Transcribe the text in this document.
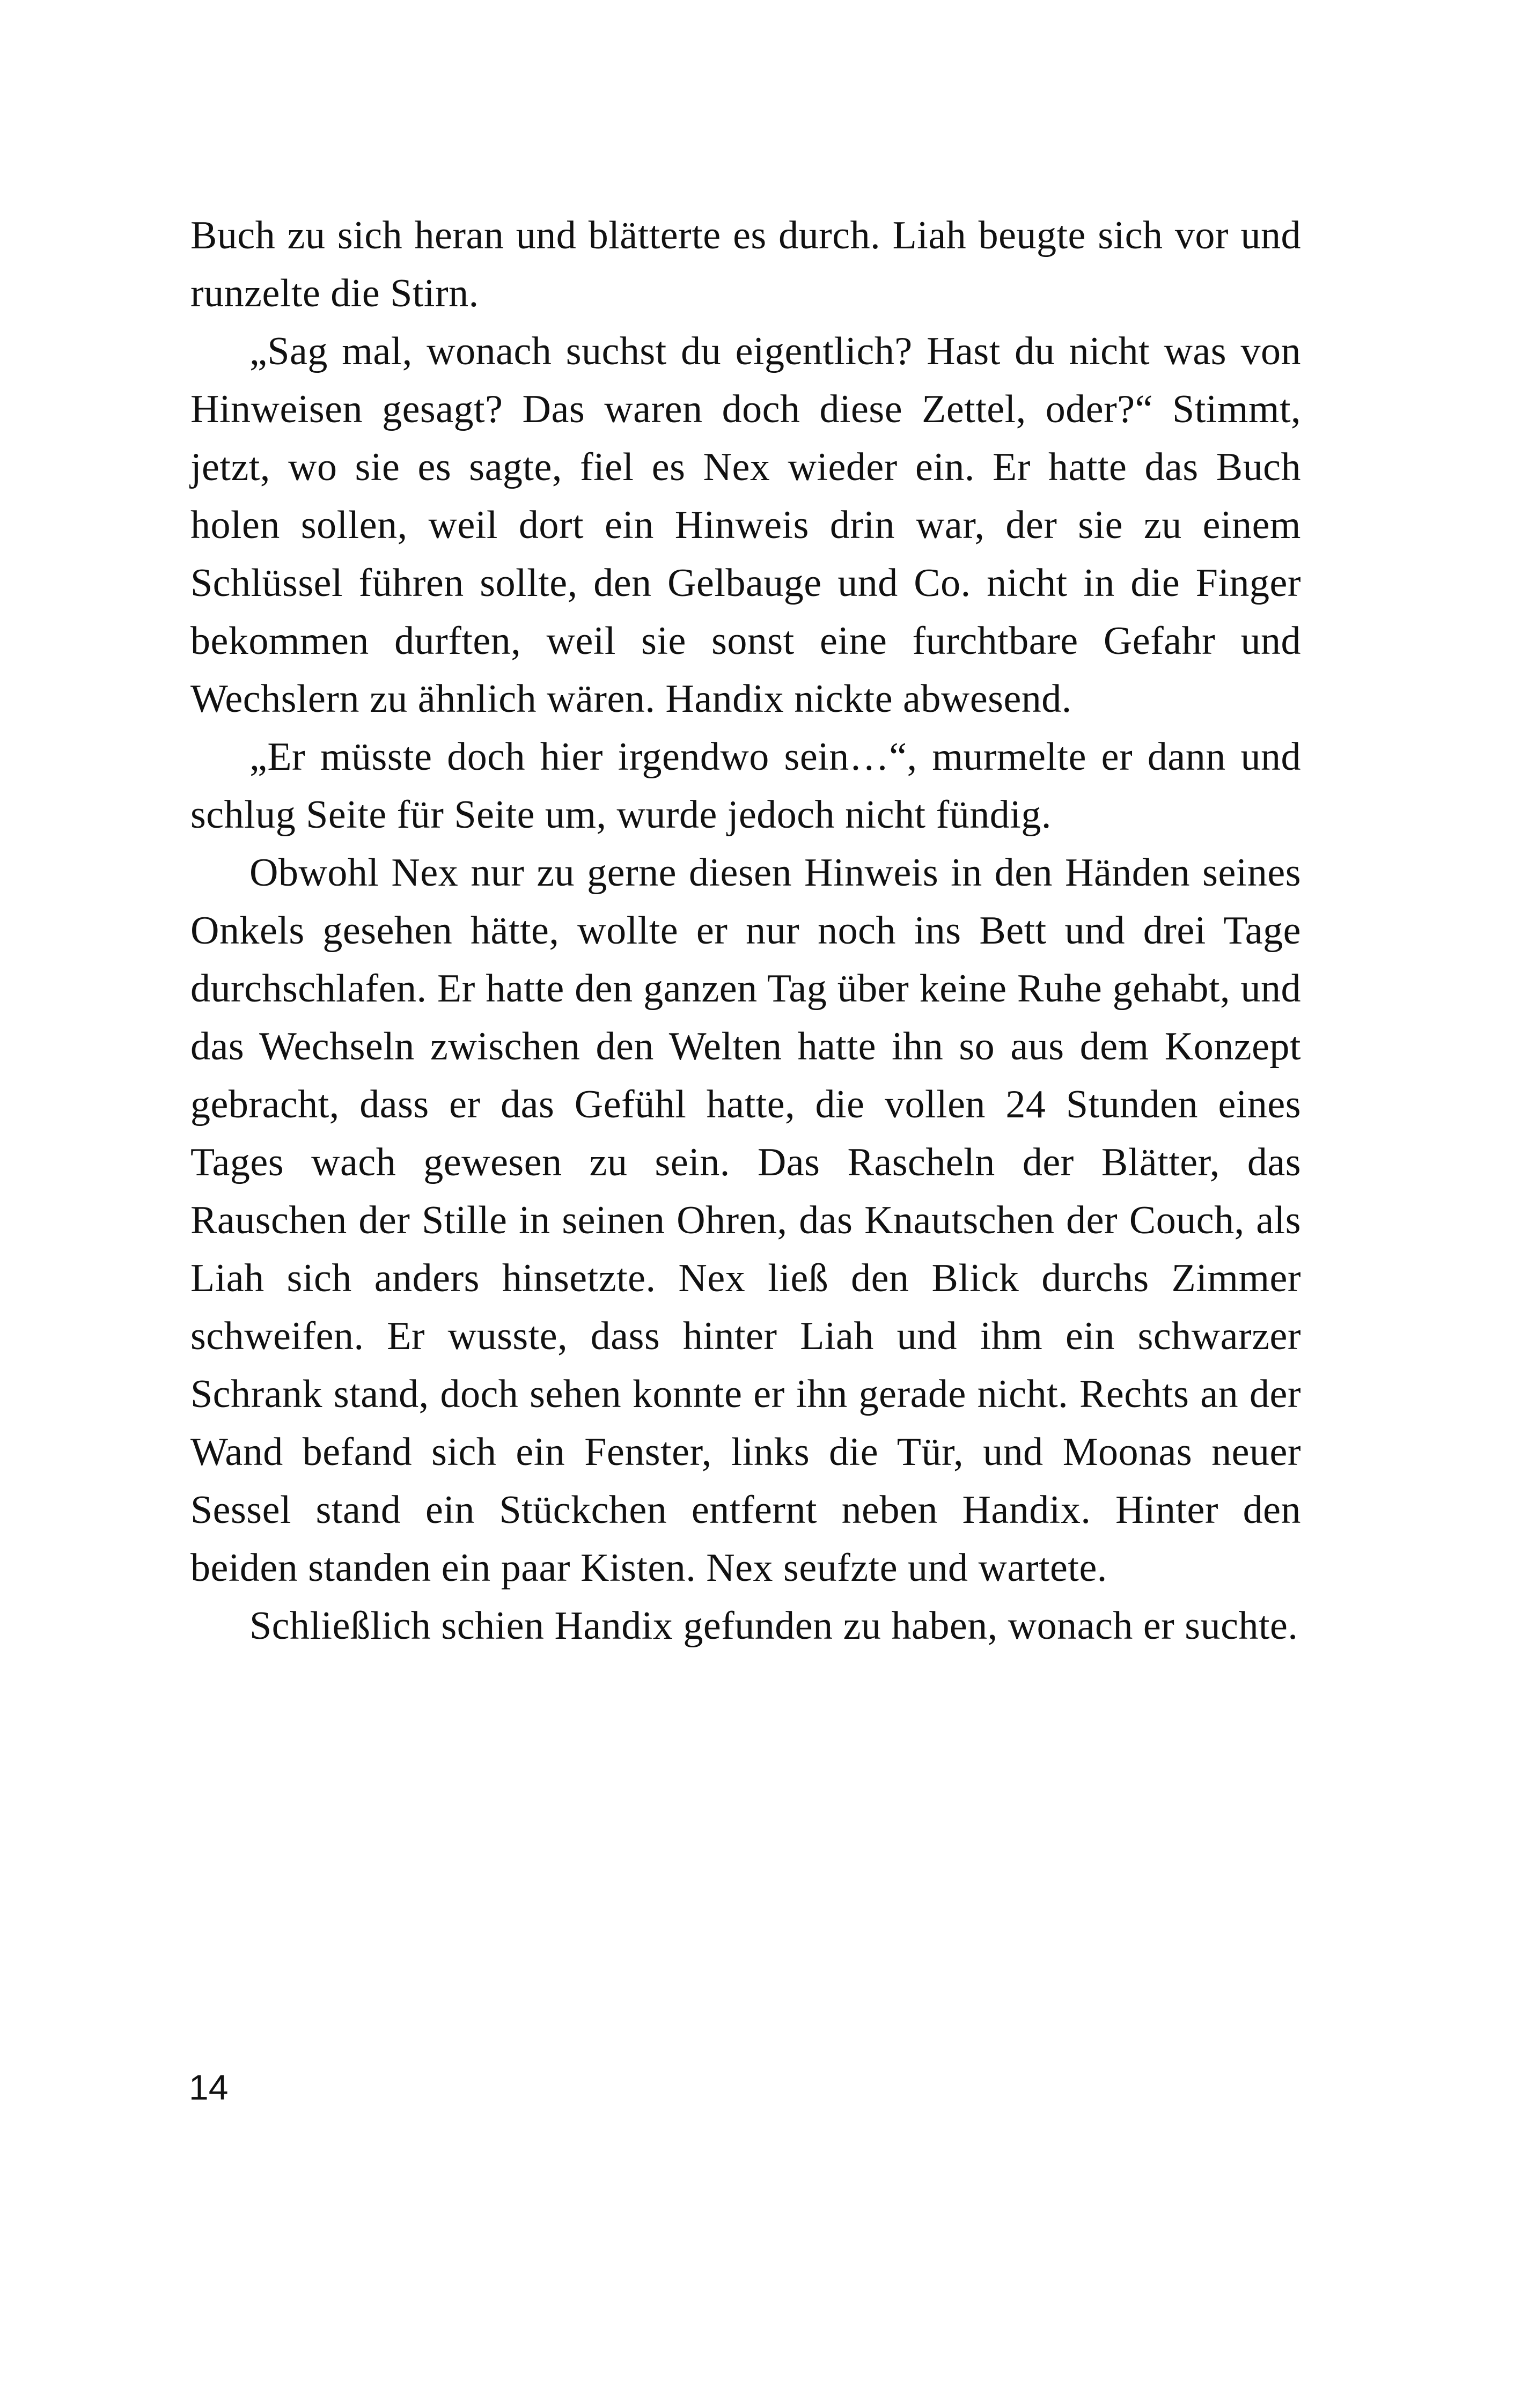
Buch zu sich heran und blätterte es durch. Liah beugte sich vor und runzelte die Stirn.

„Sag mal, wonach suchst du eigentlich? Hast du nicht was von Hinweisen gesagt? Das waren doch diese Zettel, oder?“ Stimmt, jetzt, wo sie es sagte, fiel es Nex wieder ein. Er hatte das Buch holen sollen, weil dort ein Hinweis drin war, der sie zu einem Schlüssel führen sollte, den Gelbauge und Co. nicht in die Finger bekommen durften, weil sie sonst eine furchtbare Gefahr und Wechslern zu ähnlich wären. Handix nickte abwesend.

„Er müsste doch hier irgendwo sein…“, murmelte er dann und schlug Seite für Seite um, wurde jedoch nicht fündig.

Obwohl Nex nur zu gerne diesen Hinweis in den Händen seines Onkels gesehen hätte, wollte er nur noch ins Bett und drei Tage durchschlafen. Er hatte den ganzen Tag über keine Ruhe gehabt, und das Wechseln zwischen den Welten hatte ihn so aus dem Konzept gebracht, dass er das Gefühl hatte, die vollen 24 Stunden eines Tages wach gewesen zu sein. Das Rascheln der Blätter, das Rauschen der Stille in seinen Ohren, das Knautschen der Couch, als Liah sich anders hinsetzte. Nex ließ den Blick durchs Zimmer schweifen. Er wusste, dass hinter Liah und ihm ein schwarzer Schrank stand, doch sehen konnte er ihn gerade nicht. Rechts an der Wand befand sich ein Fenster, links die Tür, und Moonas neuer Sessel stand ein Stückchen entfernt neben Handix. Hinter den beiden standen ein paar Kisten. Nex seufzte und wartete.

Schließlich schien Handix gefunden zu haben, wonach er suchte.

14
